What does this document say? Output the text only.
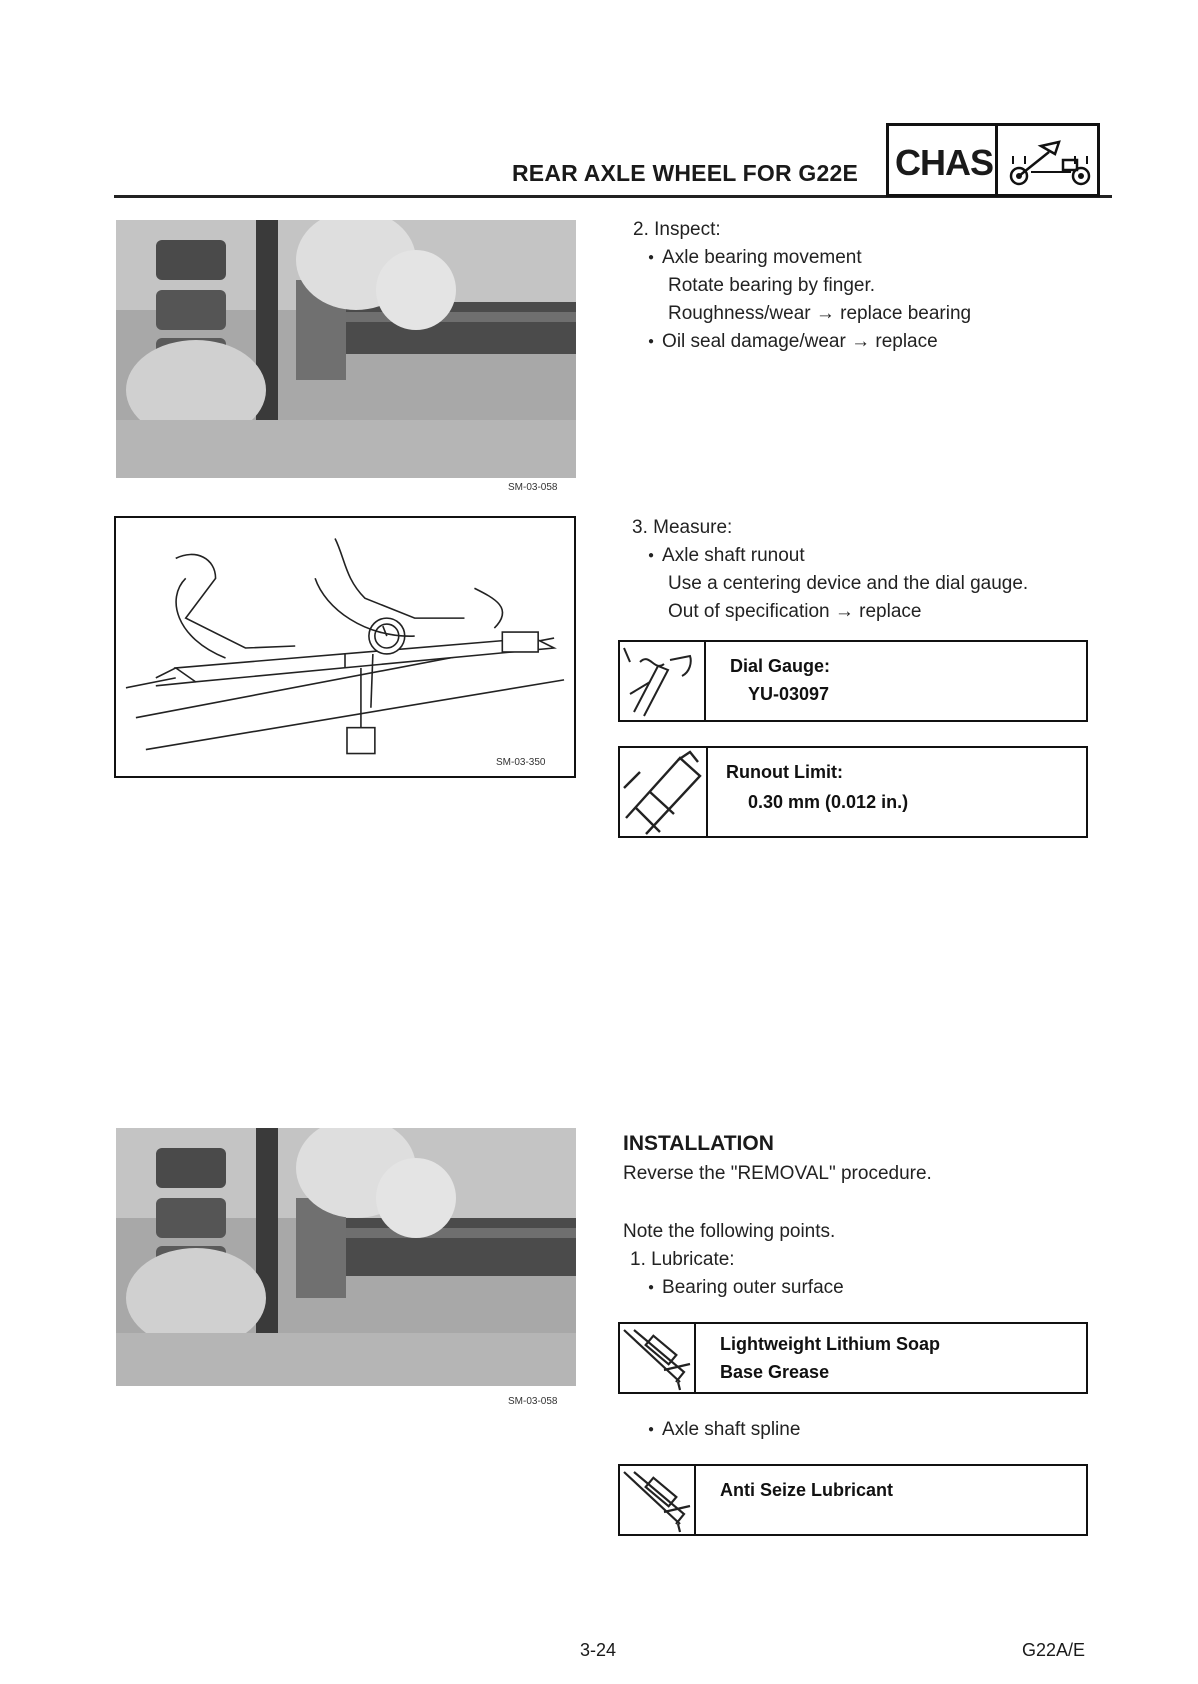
REAR AXLE WHEEL FOR G22E CHAS
SM-03-058
SM-03-350
SM-03-058
2. Inspect:
● Axle bearing movement
Rotate bearing by finger.
Roughness/wear → replace bearing
● Oil seal damage/wear → replace
3. Measure:
● Axle shaft runout
Use a centering device and the dial gauge.
Out of specification → replace
Dial Gauge:
YU-03097
Runout Limit:
0.30 mm (0.012 in.)
INSTALLATION
Reverse the "REMOVAL" procedure.
Note the following points.
1. Lubricate:
● Bearing outer surface
Lightweight Lithium Soap
Base Grease
● Axle shaft spline
Anti Seize Lubricant
3-24	G22A/E
